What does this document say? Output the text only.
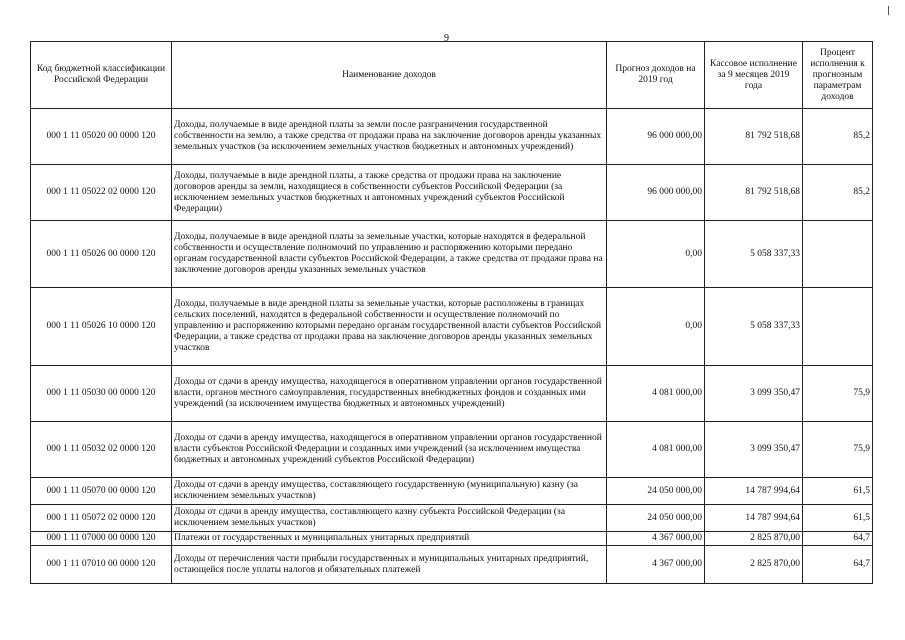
9
Код бюджетной классификации Российской Федерации	Наименование доходов	Прогноз доходов на 2019 год	Кассовое исполнение за 9 месяцев 2019 года	Процент исполнения к прогнозным параметрам доходов
000 1 11 05020 00 0000 120	Доходы, получаемые в виде арендной платы за земли после разграничения государственной собственности на землю, а также средства от продажи права на заключение договоров аренды указанных земельных участков (за исключением земельных участков бюджетных и автономных учреждений)	96 000 000,00	81 792 518,68	85,2
000 1 11 05022 02 0000 120	Доходы, получаемые в виде арендной платы, а также средства от продажи права на заключение договоров аренды за земли, находящиеся в собственности субъектов Российской Федерации (за исключением земельных участков бюджетных и автономных учреждений субъектов Российской Федерации)	96 000 000,00	81 792 518,68	85,2
000 1 11 05026 00 0000 120	Доходы, получаемые в виде арендной платы за земельные участки, которые находятся в федеральной собственности и осуществление полномочий по управлению и распоряжению которыми передано органам государственной власти субъектов Российской Федерации, а также средства от продажи права на заключение договоров аренды указанных земельных участков	0,00	5 058 337,33	
000 1 11 05026 10 0000 120	Доходы, получаемые в виде арендной платы за земельные участки, которые расположены в границах сельских поселений, находятся в федеральной собственности и осуществление полномочий по управлению и распоряжению которыми передано органам государственной власти субъектов Российской Федерации, а также средства от продажи права на заключение договоров аренды указанных земельных участков	0,00	5 058 337,33	
000 1 11 05030 00 0000 120	Доходы от сдачи в аренду имущества, находящегося в оперативном управлении органов государственной власти, органов местного самоуправления, государственных внебюджетных фондов и созданных ими учреждений (за исключением имущества бюджетных и автономных учреждений)	4 081 000,00	3 099 350,47	75,9
000 1 11 05032 02 0000 120	Доходы от сдачи в аренду имущества, находящегося в оперативном управлении органов государственной власти субъектов Российской Федерации и созданных ими учреждений (за исключением имущества бюджетных и автономных учреждений субъектов Российской Федерации)	4 081 000,00	3 099 350,47	75,9
000 1 11 05070 00 0000 120	Доходы от сдачи в аренду имущества, составляющего государственную (муниципальную) казну (за исключением земельных участков)	24 050 000,00	14 787 994,64	61,5
000 1 11 05072 02 0000 120	Доходы от сдачи в аренду имущества, составляющего казну субъекта Российской Федерации (за исключением земельных участков)	24 050 000,00	14 787 994,64	61,5
000 1 11 07000 00 0000 120	Платежи от государственных и муниципальных унитарных предприятий	4 367 000,00	2 825 870,00	64,7
000 1 11 07010 00 0000 120	Доходы от перечисления части прибыли государственных и муниципальных унитарных предприятий, остающейся после уплаты налогов и обязательных платежей	4 367 000,00	2 825 870,00	64,7
